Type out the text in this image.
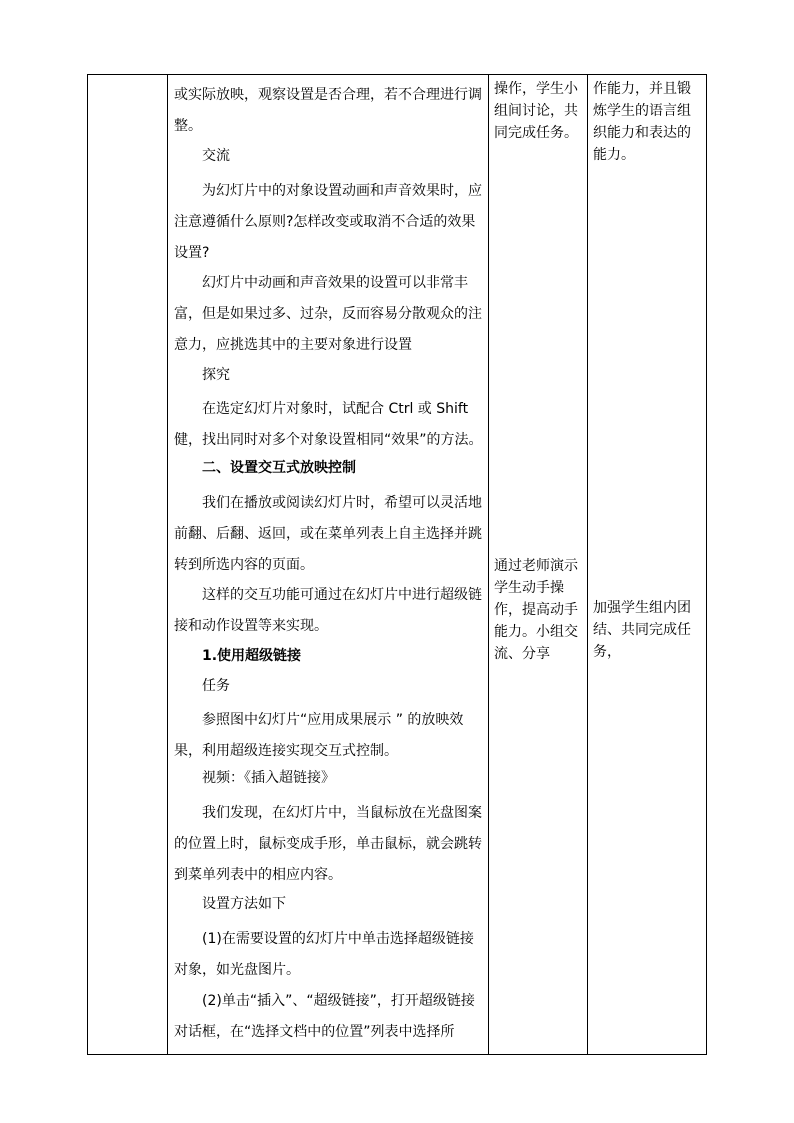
或实际放映，观察设置是否合理，若不合理进行调整。

交流

为幻灯片中的对象设置动画和声音效果时，应注意遵循什么原则?怎样改变或取消不合适的效果设置?

幻灯片中动画和声音效果的设置可以非常丰富，但是如果过多、过杂，反而容易分散观众的注意力，应挑选其中的主要对象进行设置

探究

在选定幻灯片对象时，试配合 Ctrl 或 Shift 健，找出同时对多个对象设置相同“效果”的方法。

二、设置交互式放映控制

我们在播放或阅读幻灯片时，希望可以灵活地前翻、后翻、返回，或在菜单列表上自主选择并跳转到所选内容的页面。

这样的交互功能可通过在幻灯片中进行超级链接和动作设置等来实现。

1.使用超级链接

任务

参照图中幻灯片“应用成果展示 ” 的放映效果，利用超级连接实现交互式控制。

视频：《插入超链接》

我们发现，在幻灯片中，当鼠标放在光盘图案的位置上时，鼠标变成手形，单击鼠标，就会跳转到菜单列表中的相应内容。

设置方法如下

(1)在需要设置的幻灯片中单击选择超级链接对象，如光盘图片。

(2)单击“插入”、“超级链接”，打开超级链接对话框，在“选择文档中的位置”列表中选择所

操作，学生小组间讨论，共同完成任务。
通过老师演示学生动手操作，提高动手能力。小组交流、分享
作能力，并且锻炼学生的语言组织能力和表达的能力。
加强学生组内团结、共同完成任务，
